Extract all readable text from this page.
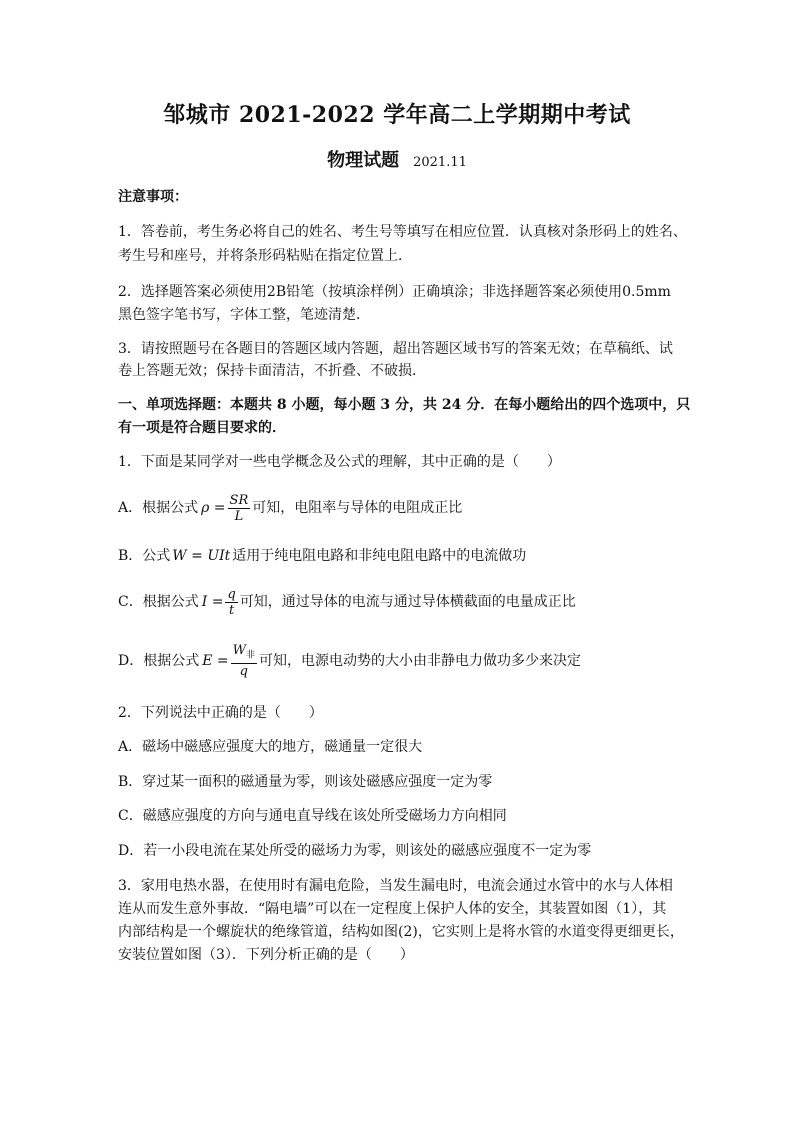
邹城市 2021-2022 学年高二上学期期中考试
物理试题 2021.11
注意事项：
1．答卷前，考生务必将自己的姓名、考生号等填写在相应位置．认真核对条形码上的姓名、
考生号和座号，并将条形码粘贴在指定位置上．
2．选择题答案必须使用2B铅笔（按填涂样例）正确填涂；非选择题答案必须使用0.5mm
黑色签字笔书写，字体工整，笔迹清楚．
3．请按照题号在各题目的答题区域内答题，超出答题区域书写的答案无效；在草稿纸、试
卷上答题无效；保持卡面清洁，不折叠、不破损．
一、单项选择题：本题共 8 小题，每小题 3 分，共 24 分．在每小题给出的四个选项中，只
有一项是符合题目要求的．
1．下面是某同学对一些电学概念及公式的理解，其中正确的是（　　）
A．根据公式 $\rho = \frac{SR}{L}$ 可知，电阻率与导体的电阻成正比
B．公式 W = UIt 适用于纯电阻电路和非纯电阻电路中的电流做功
C．根据公式 $I = \frac{q}{t}$ 可知，通过导体的电流与通过导体横截面的电量成正比
D．根据公式 $E = \frac{W_非}{q}$ 可知，电源电动势的大小由非静电力做功多少来决定
2．下列说法中正确的是（　　）
A．磁场中磁感应强度大的地方，磁通量一定很大
B．穿过某一面积的磁通量为零，则该处磁感应强度一定为零
C．磁感应强度的方向与通电直导线在该处所受磁场力方向相同
D．若一小段电流在某处所受的磁场力为零，则该处的磁感应强度不一定为零
3．家用电热水器，在使用时有漏电危险，当发生漏电时，电流会通过水管中的水与人体相
连从而发生意外事故．“隔电墙”可以在一定程度上保护人体的安全，其装置如图（1），其
内部结构是一个螺旋状的绝缘管道，结构如图(2)，它实则上是将水管的水道变得更细更长，
安装位置如图（3）．下列分析正确的是（　　）
